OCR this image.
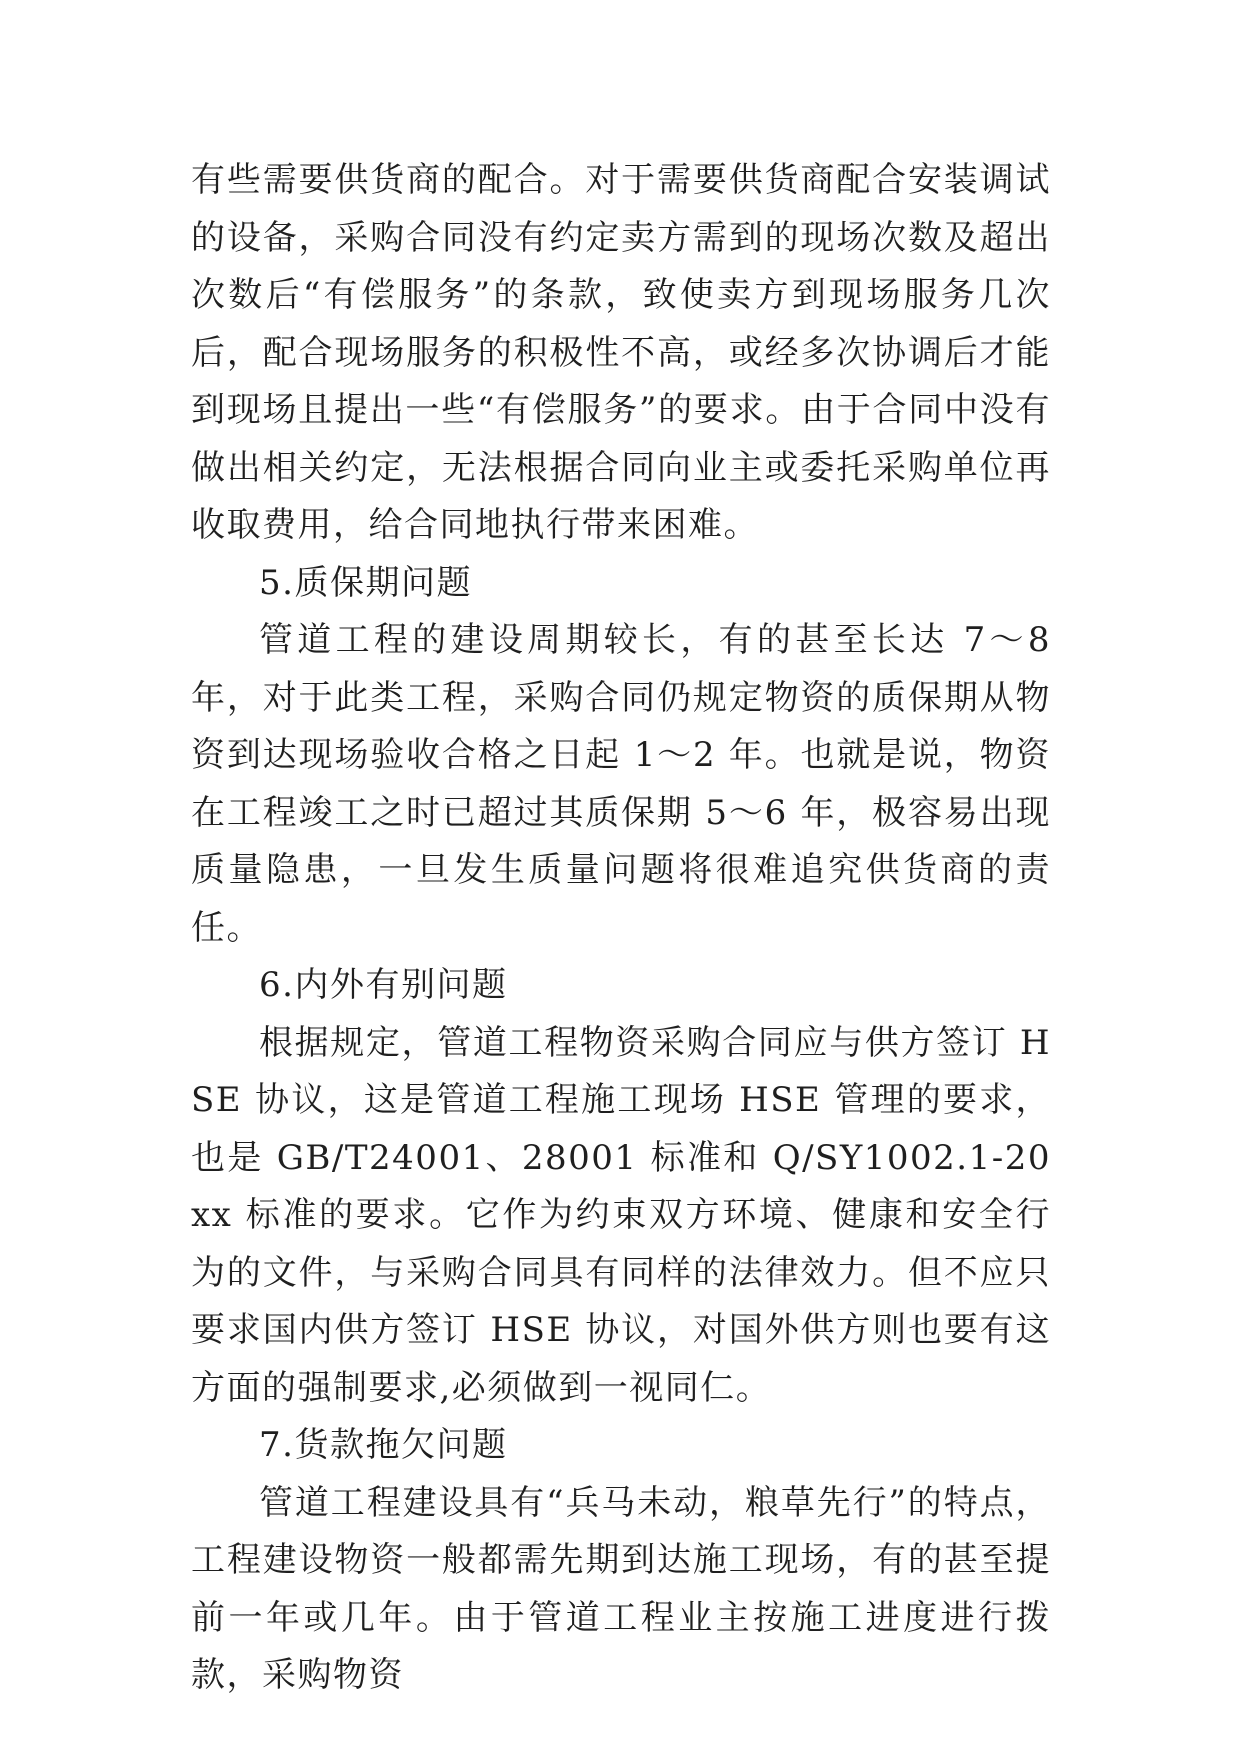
有些需要供货商的配合。对于需要供货商配合安装调试的设备，采购合同没有约定卖方需到的现场次数及超出次数后“有偿服务”的条款，致使卖方到现场服务几次后，配合现场服务的积极性不高，或经多次协调后才能到现场且提出一些“有偿服务”的要求。由于合同中没有做出相关约定，无法根据合同向业主或委托采购单位再收取费用，给合同地执行带来困难。

5.质保期问题

管道工程的建设周期较长，有的甚至长达 7～8 年，对于此类工程，采购合同仍规定物资的质保期从物资到达现场验收合格之日起 1～2 年。也就是说，物资在工程竣工之时已超过其质保期 5～6 年，极容易出现质量隐患，一旦发生质量问题将很难追究供货商的责任。

6.内外有别问题

根据规定，管道工程物资采购合同应与供方签订 HSE 协议，这是管道工程施工现场 HSE 管理的要求，也是 GB/T24001、28001 标准和 Q/SY1002.1-20xx 标准的要求。它作为约束双方环境、健康和安全行为的文件，与采购合同具有同样的法律效力。但不应只要求国内供方签订 HSE 协议，对国外供方则也要有这方面的强制要求,必须做到一视同仁。

7.货款拖欠问题

管道工程建设具有“兵马未动，粮草先行”的特点，工程建设物资一般都需先期到达施工现场，有的甚至提前一年或几年。由于管道工程业主按施工进度进行拨款，采购物资
